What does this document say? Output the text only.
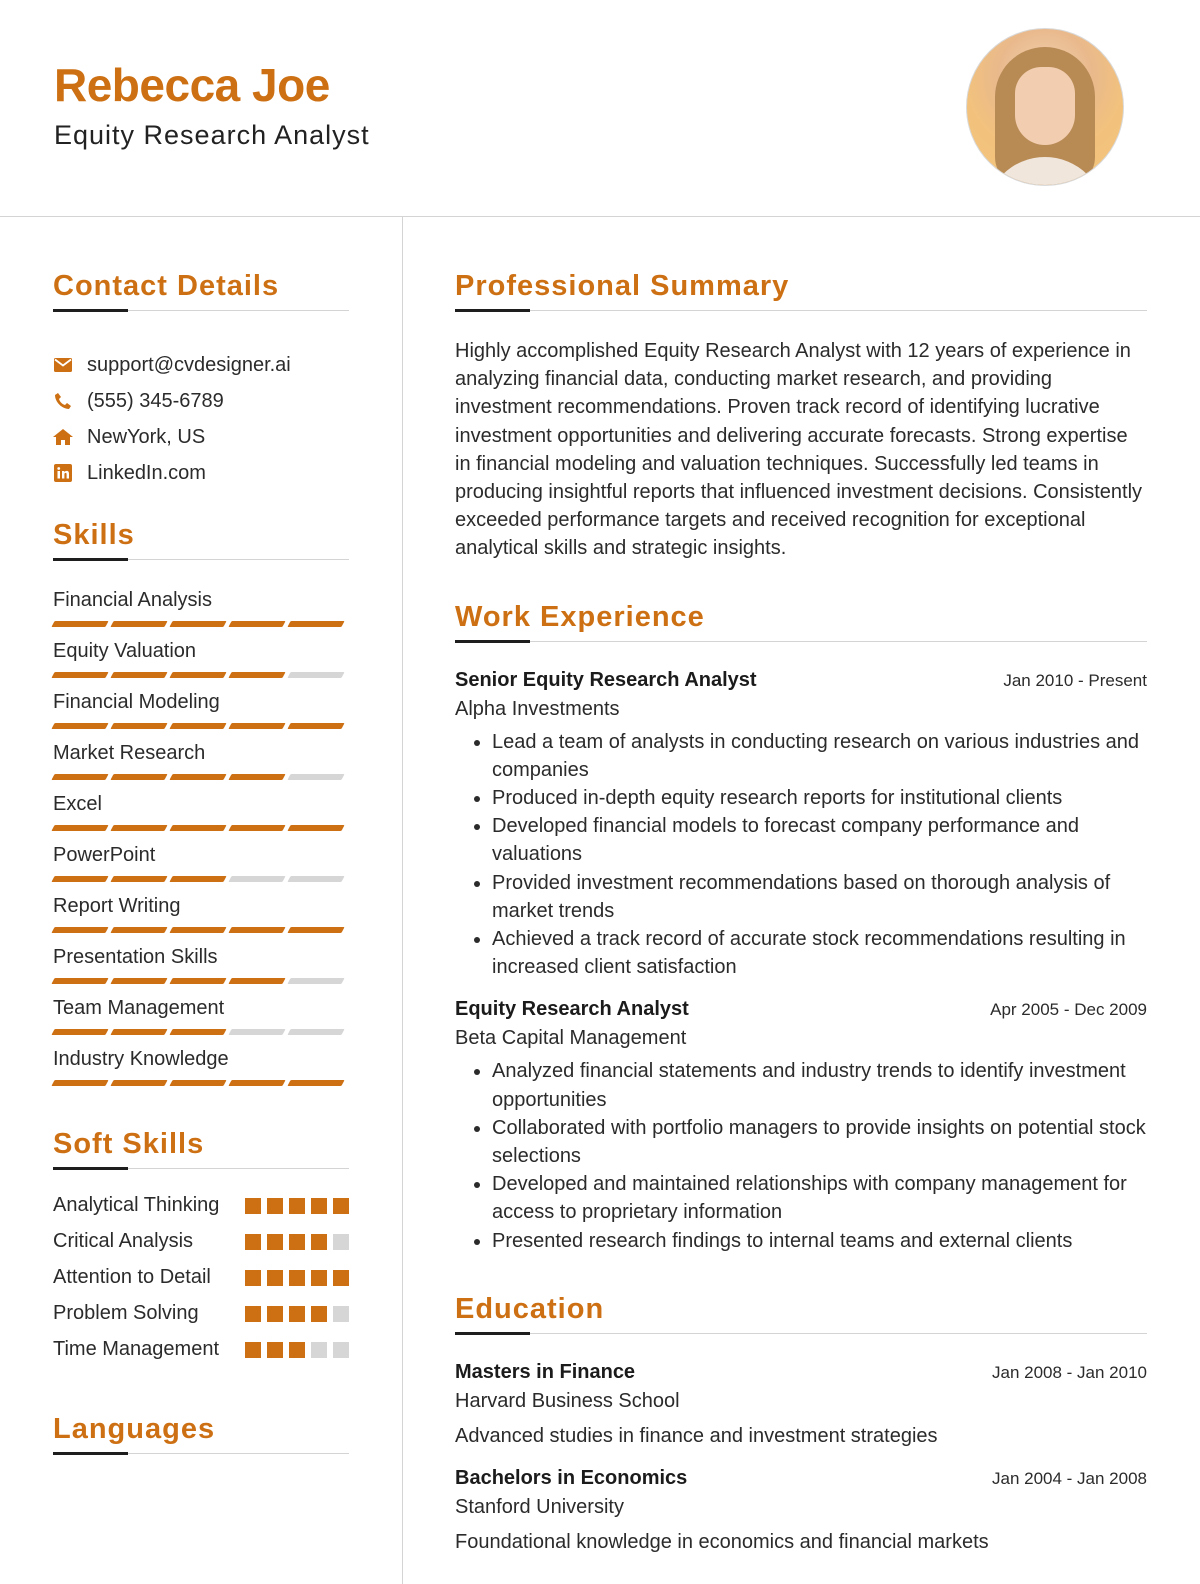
Rebecca Joe
Equity Research Analyst
Contact Details
support@cvdesigner.ai
(555) 345-6789
NewYork, US
LinkedIn.com
Skills
Financial Analysis
Equity Valuation
Financial Modeling
Market Research
Excel
PowerPoint
Report Writing
Presentation Skills
Team Management
Industry Knowledge
Soft Skills
Analytical Thinking
Critical Analysis
Attention to Detail
Problem Solving
Time Management
Languages
Professional Summary
Highly accomplished Equity Research Analyst with 12 years of experience in analyzing financial data, conducting market research, and providing investment recommendations. Proven track record of identifying lucrative investment opportunities and delivering accurate forecasts. Strong expertise in financial modeling and valuation techniques. Successfully led teams in producing insightful reports that influenced investment decisions. Consistently exceeded performance targets and received recognition for exceptional analytical skills and strategic insights.
Work Experience
Senior Equity Research Analyst	Jan 2010 - Present
Alpha Investments
• Lead a team of analysts in conducting research on various industries and companies
• Produced in-depth equity research reports for institutional clients
• Developed financial models to forecast company performance and valuations
• Provided investment recommendations based on thorough analysis of market trends
• Achieved a track record of accurate stock recommendations resulting in increased client satisfaction
Equity Research Analyst	Apr 2005 - Dec 2009
Beta Capital Management
• Analyzed financial statements and industry trends to identify investment opportunities
• Collaborated with portfolio managers to provide insights on potential stock selections
• Developed and maintained relationships with company management for access to proprietary information
• Presented research findings to internal teams and external clients
Education
Masters in Finance	Jan 2008 - Jan 2010
Harvard Business School
Advanced studies in finance and investment strategies
Bachelors in Economics	Jan 2004 - Jan 2008
Stanford University
Foundational knowledge in economics and financial markets
